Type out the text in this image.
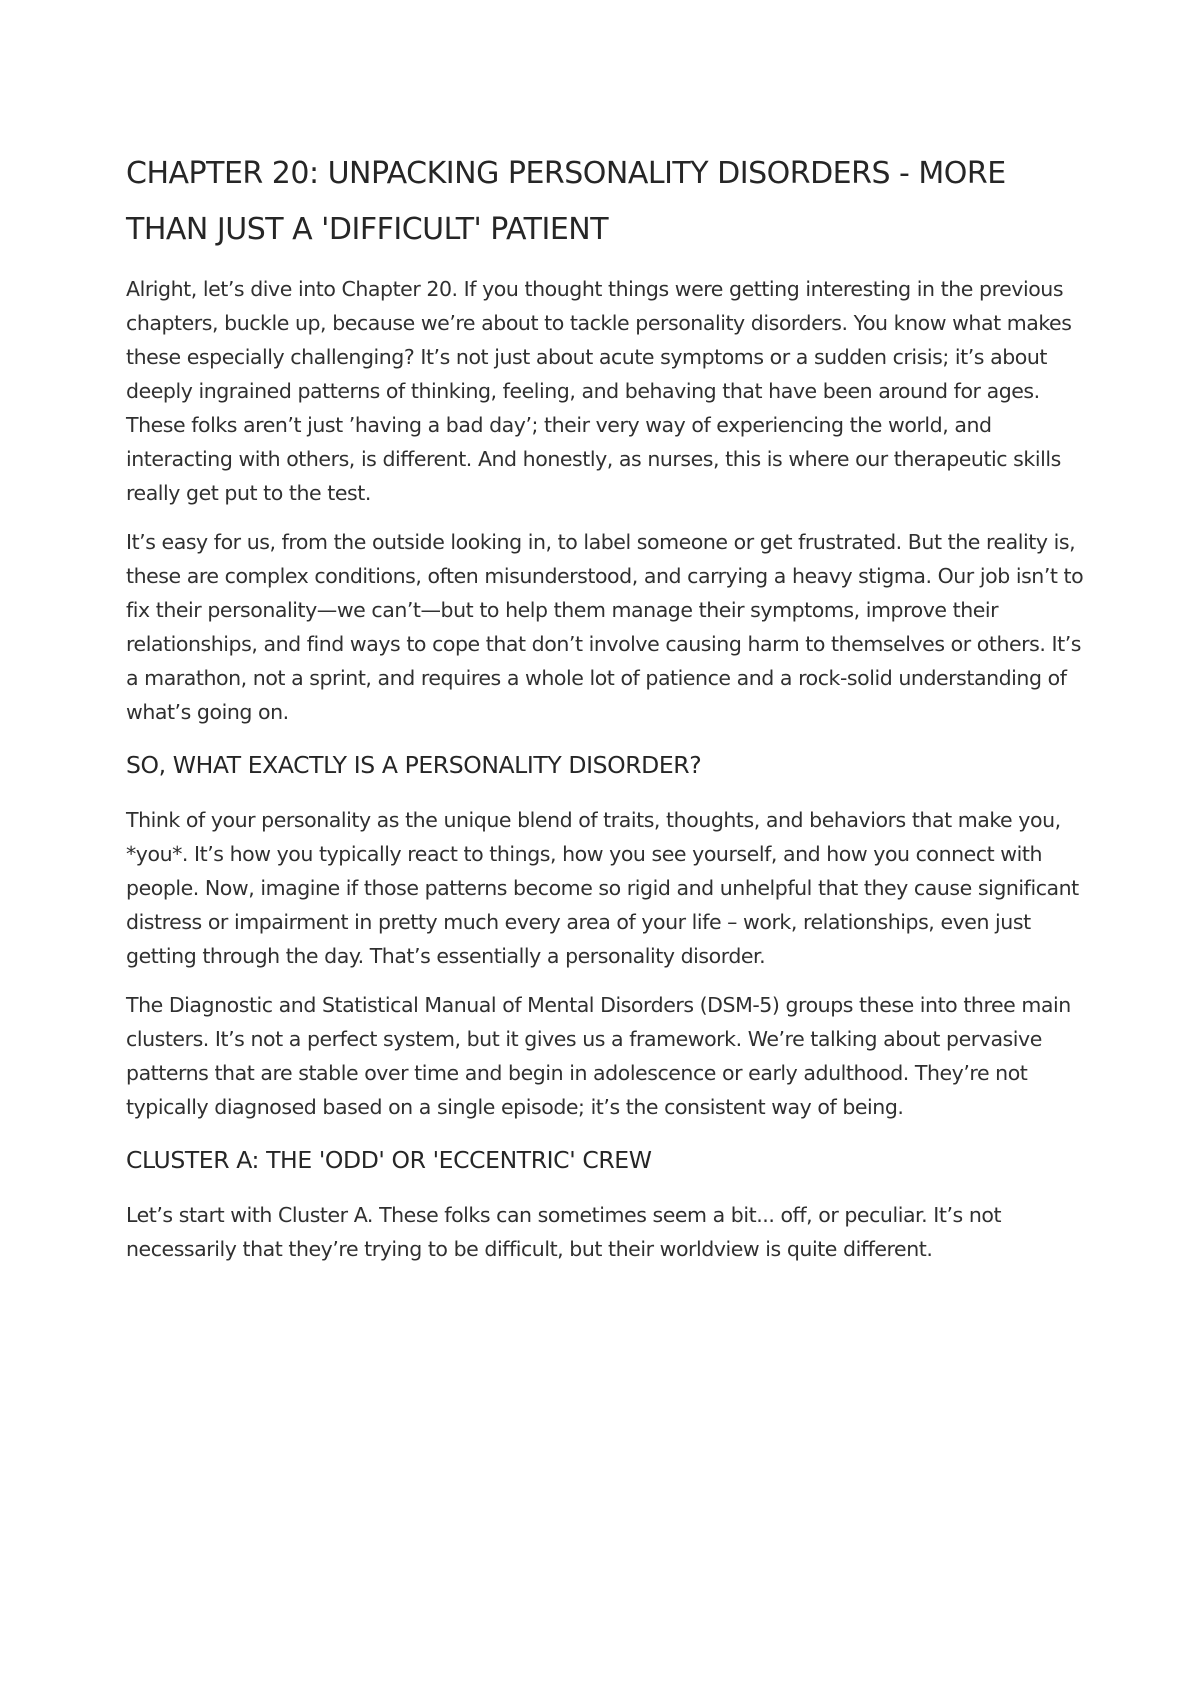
CHAPTER 20: UNPACKING PERSONALITY DISORDERS - MORE THAN JUST A 'DIFFICULT' PATIENT

Alright, let’s dive into Chapter 20. If you thought things were getting interesting in the previous chapters, buckle up, because we’re about to tackle personality disorders. You know what makes these especially challenging? It’s not just about acute symptoms or a sudden crisis; it’s about deeply ingrained patterns of thinking, feeling, and behaving that have been around for ages. These folks aren’t just ’having a bad day’; their very way of experiencing the world, and interacting with others, is different. And honestly, as nurses, this is where our therapeutic skills really get put to the test.

It’s easy for us, from the outside looking in, to label someone or get frustrated. But the reality is, these are complex conditions, often misunderstood, and carrying a heavy stigma. Our job isn’t to fix their personality—we can’t—but to help them manage their symptoms, improve their relationships, and find ways to cope that don’t involve causing harm to themselves or others. It’s a marathon, not a sprint, and requires a whole lot of patience and a rock-solid understanding of what’s going on.

SO, WHAT EXACTLY IS A PERSONALITY DISORDER?

Think of your personality as the unique blend of traits, thoughts, and behaviors that make you, *you*. It’s how you typically react to things, how you see yourself, and how you connect with people. Now, imagine if those patterns become so rigid and unhelpful that they cause significant distress or impairment in pretty much every area of your life – work, relationships, even just getting through the day. That’s essentially a personality disorder.

The Diagnostic and Statistical Manual of Mental Disorders (DSM-5) groups these into three main clusters. It’s not a perfect system, but it gives us a framework. We’re talking about pervasive patterns that are stable over time and begin in adolescence or early adulthood. They’re not typically diagnosed based on a single episode; it’s the consistent way of being.

CLUSTER A: THE 'ODD' OR 'ECCENTRIC' CREW

Let’s start with Cluster A. These folks can sometimes seem a bit... off, or peculiar. It’s not necessarily that they’re trying to be difficult, but their worldview is quite different.
